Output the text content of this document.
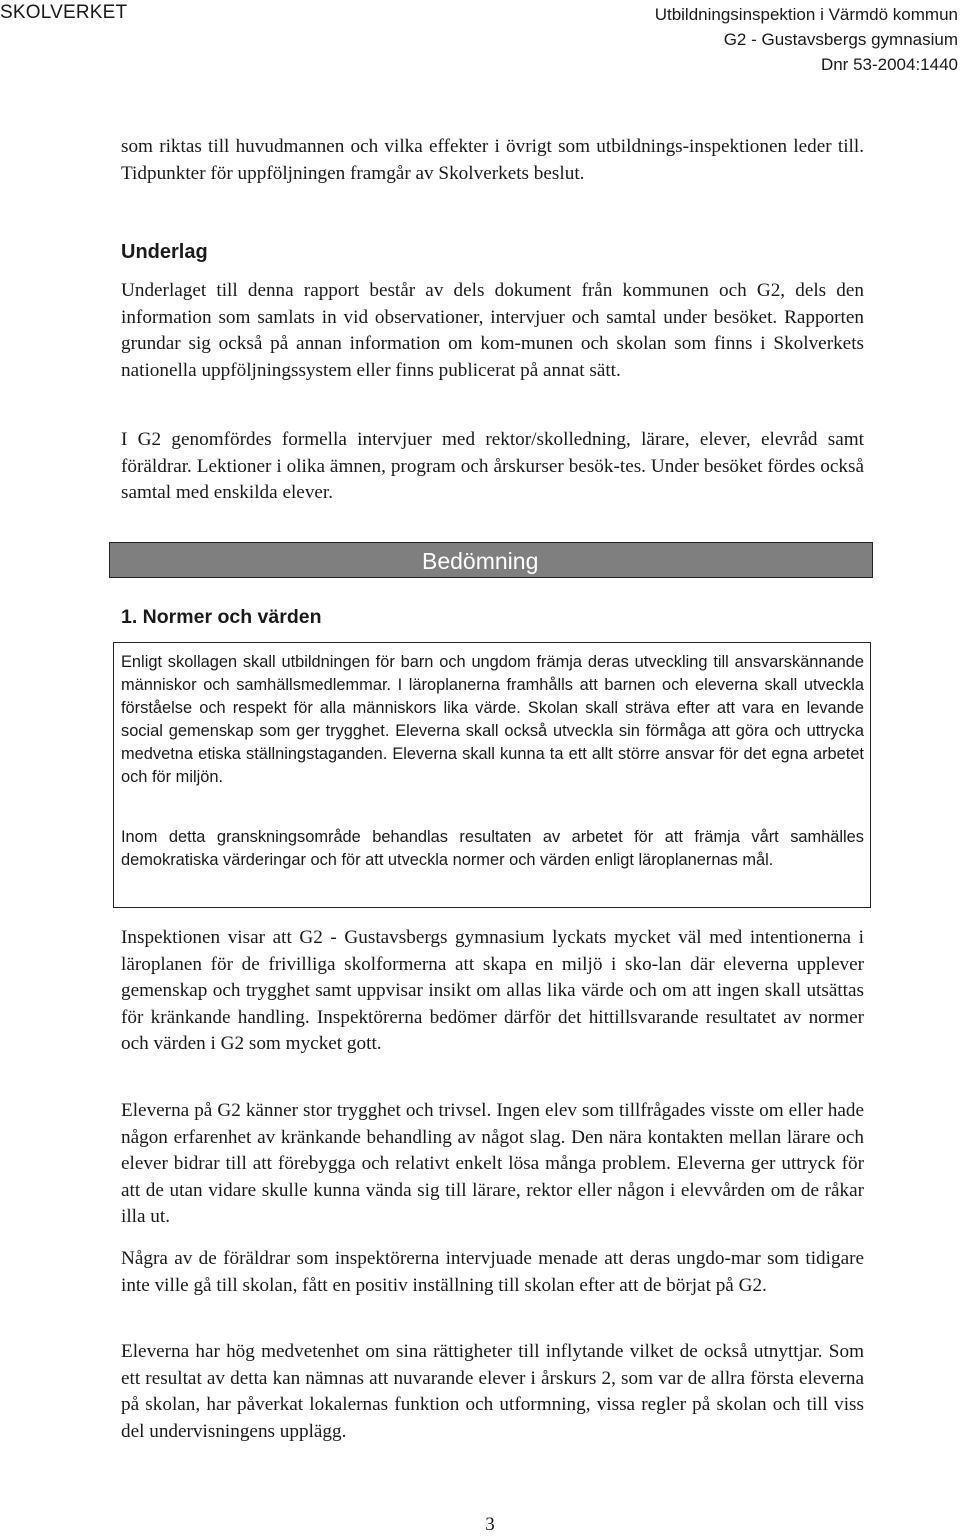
SKOLVERKET	Utbildningsinspektion i Värmdö kommun
G2 - Gustavsbergs gymnasium
Dnr 53-2004:1440
som riktas till huvudmannen och vilka effekter i övrigt som utbildnings-inspektionen leder till. Tidpunkter för uppföljningen framgår av Skolverkets beslut.
Underlag
Underlaget till denna rapport består av dels dokument från kommunen och G2, dels den information som samlats in vid observationer, intervjuer och samtal under besöket. Rapporten grundar sig också på annan information om kom-munen och skolan som finns i Skolverkets nationella uppföljningssystem eller finns publicerat på annat sätt.
I G2 genomfördes formella intervjuer med rektor/skolledning, lärare, elever, elevråd samt föräldrar. Lektioner i olika ämnen, program och årskurser besök-tes. Under besöket fördes också samtal med enskilda elever.
Bedömning
1. Normer och värden
Enligt skollagen skall utbildningen för barn och ungdom främja deras utveckling till ansvarskännande människor och samhällsmedlemmar. I läroplanerna framhålls att barnen och eleverna skall utveckla förståelse och respekt för alla människors lika värde. Skolan skall sträva efter att vara en levande social gemenskap som ger trygghet. Eleverna skall också utveckla sin förmåga att göra och uttrycka medvetna etiska ställningstaganden. Eleverna skall kunna ta ett allt större ansvar för det egna arbetet och för miljön.
Inom detta granskningsområde behandlas resultaten av arbetet för att främja vårt samhälles demokratiska värderingar och för att utveckla normer och värden enligt läroplanernas mål.
Inspektionen visar att G2 - Gustavsbergs gymnasium lyckats mycket väl med intentionerna i läroplanen för de frivilliga skolformerna att skapa en miljö i sko-lan där eleverna upplever gemenskap och trygghet samt uppvisar insikt om allas lika värde och om att ingen skall utsättas för kränkande handling. Inspektörerna bedömer därför det hittillsvarande resultatet av normer och värden i G2 som mycket gott.
Eleverna på G2 känner stor trygghet och trivsel. Ingen elev som tillfrågades visste om eller hade någon erfarenhet av kränkande behandling av något slag. Den nära kontakten mellan lärare och elever bidrar till att förebygga och relativt enkelt lösa många problem. Eleverna ger uttryck för att de utan vidare skulle kunna vända sig till lärare, rektor eller någon i elevvården om de råkar illa ut.
Några av de föräldrar som inspektörerna intervjuade menade att deras ungdo-mar som tidigare inte ville gå till skolan, fått en positiv inställning till skolan efter att de börjat på G2.
Eleverna har hög medvetenhet om sina rättigheter till inflytande vilket de också utnyttjar. Som ett resultat av detta kan nämnas att nuvarande elever i årskurs 2, som var de allra första eleverna på skolan, har påverkat lokalernas funktion och utformning, vissa regler på skolan och till viss del undervisningens upplägg.
3
